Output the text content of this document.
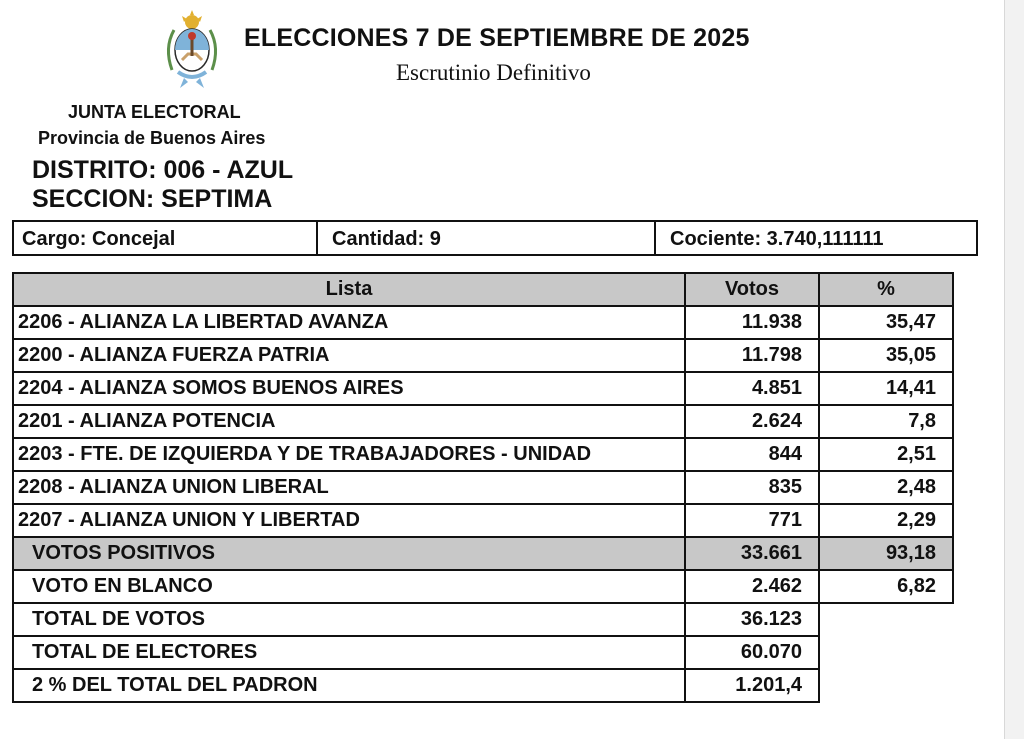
ELECCIONES 7 DE SEPTIEMBRE DE 2025
Escrutinio Definitivo
JUNTA ELECTORAL
Provincia de Buenos Aires
DISTRITO: 006 - AZUL
SECCION: SEPTIMA
Cargo: Concejal	Cantidad: 9	Cociente: 3.740,111111
Lista	Votos	%
2206 - ALIANZA LA LIBERTAD AVANZA	11.938	35,47
2200 - ALIANZA FUERZA PATRIA	11.798	35,05
2204 - ALIANZA SOMOS BUENOS AIRES	4.851	14,41
2201 - ALIANZA POTENCIA	2.624	7,8
2203 - FTE. DE IZQUIERDA Y DE TRABAJADORES - UNIDAD	844	2,51
2208 - ALIANZA UNION LIBERAL	835	2,48
2207 - ALIANZA UNION Y LIBERTAD	771	2,29
VOTOS POSITIVOS	33.661	93,18
VOTO EN BLANCO	2.462	6,82
TOTAL DE VOTOS	36.123	
TOTAL DE ELECTORES	60.070	
2 % DEL TOTAL DEL PADRON	1.201,4	
